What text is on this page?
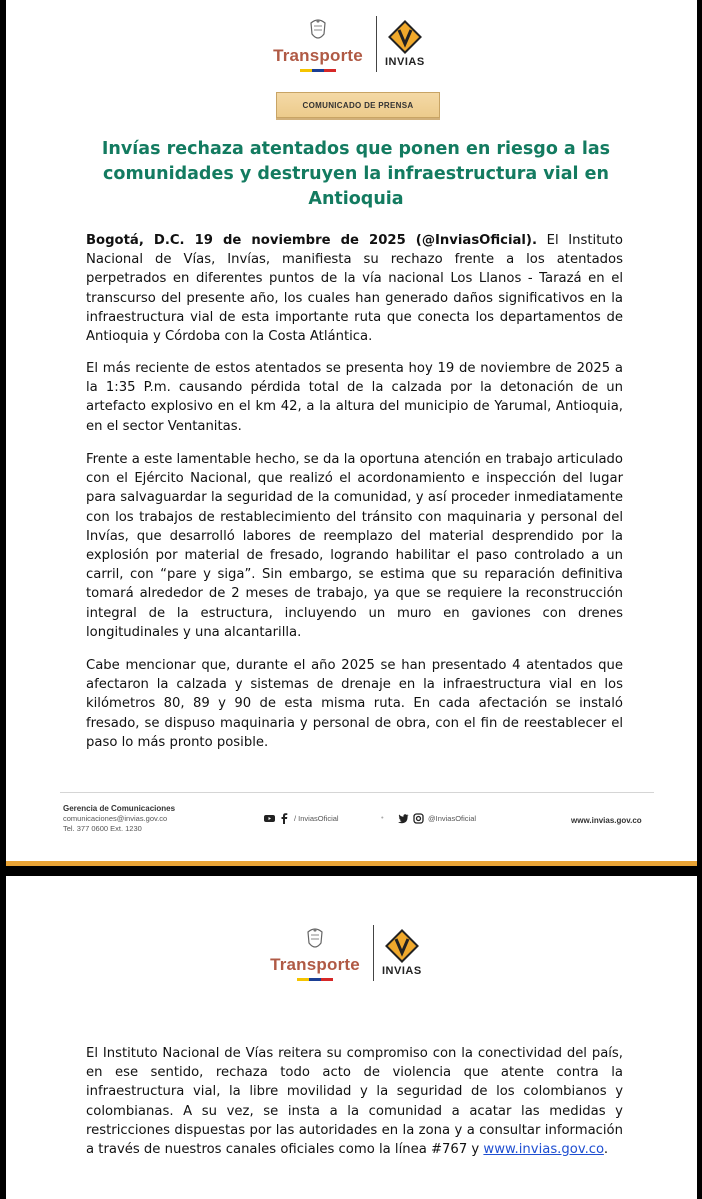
Transporte INVIAS
COMUNICADO DE PRENSA
Invías rechaza atentados que ponen en riesgo a las comunidades y destruyen la infraestructura vial en Antioquia

Bogotá, D.C. 19 de noviembre de 2025 (@InviasOficial). El Instituto Nacional de Vías, Invías, manifiesta su rechazo frente a los atentados perpetrados en diferentes puntos de la vía nacional Los Llanos - Tarazá en el transcurso del presente año, los cuales han generado daños significativos en la infraestructura vial de esta importante ruta que conecta los departamentos de Antioquia y Córdoba con la Costa Atlántica.

El más reciente de estos atentados se presenta hoy 19 de noviembre de 2025 a la 1:35 P.m. causando pérdida total de la calzada por la detonación de un artefacto explosivo en el km 42, a la altura del municipio de Yarumal, Antioquia, en el sector Ventanitas.

Frente a este lamentable hecho, se da la oportuna atención en trabajo articulado con el Ejército Nacional, que realizó el acordonamiento e inspección del lugar para salvaguardar la seguridad de la comunidad, y así proceder inmediatamente con los trabajos de restablecimiento del tránsito con maquinaria y personal del Invías, que desarrolló labores de reemplazo del material desprendido por la explosión por material de fresado, logrando habilitar el paso controlado a un carril, con “pare y siga”. Sin embargo, se estima que su reparación definitiva tomará alrededor de 2 meses de trabajo, ya que se requiere la reconstrucción integral de la estructura, incluyendo un muro en gaviones con drenes longitudinales y una alcantarilla.

Cabe mencionar que, durante el año 2025 se han presentado 4 atentados que afectaron la calzada y sistemas de drenaje en la infraestructura vial en los kilómetros 80, 89 y 90 de esta misma ruta. En cada afectación se instaló fresado, se dispuso maquinaria y personal de obra, con el fin de reestablecer el paso lo más pronto posible.

Gerencia de Comunicaciones
comunicaciones@invias.gov.co
Tel. 377 0600 Ext. 1230
/ InviasOficial	•	@InviasOficial	www.invias.gov.co
Transporte INVIAS

El Instituto Nacional de Vías reitera su compromiso con la conectividad del país, en ese sentido, rechaza todo acto de violencia que atente contra la infraestructura vial, la libre movilidad y la seguridad de los colombianos y colombianas. A su vez, se insta a la comunidad a acatar las medidas y restricciones dispuestas por las autoridades en la zona y a consultar información a través de nuestros canales oficiales como la línea #767 y www.invias.gov.co.
